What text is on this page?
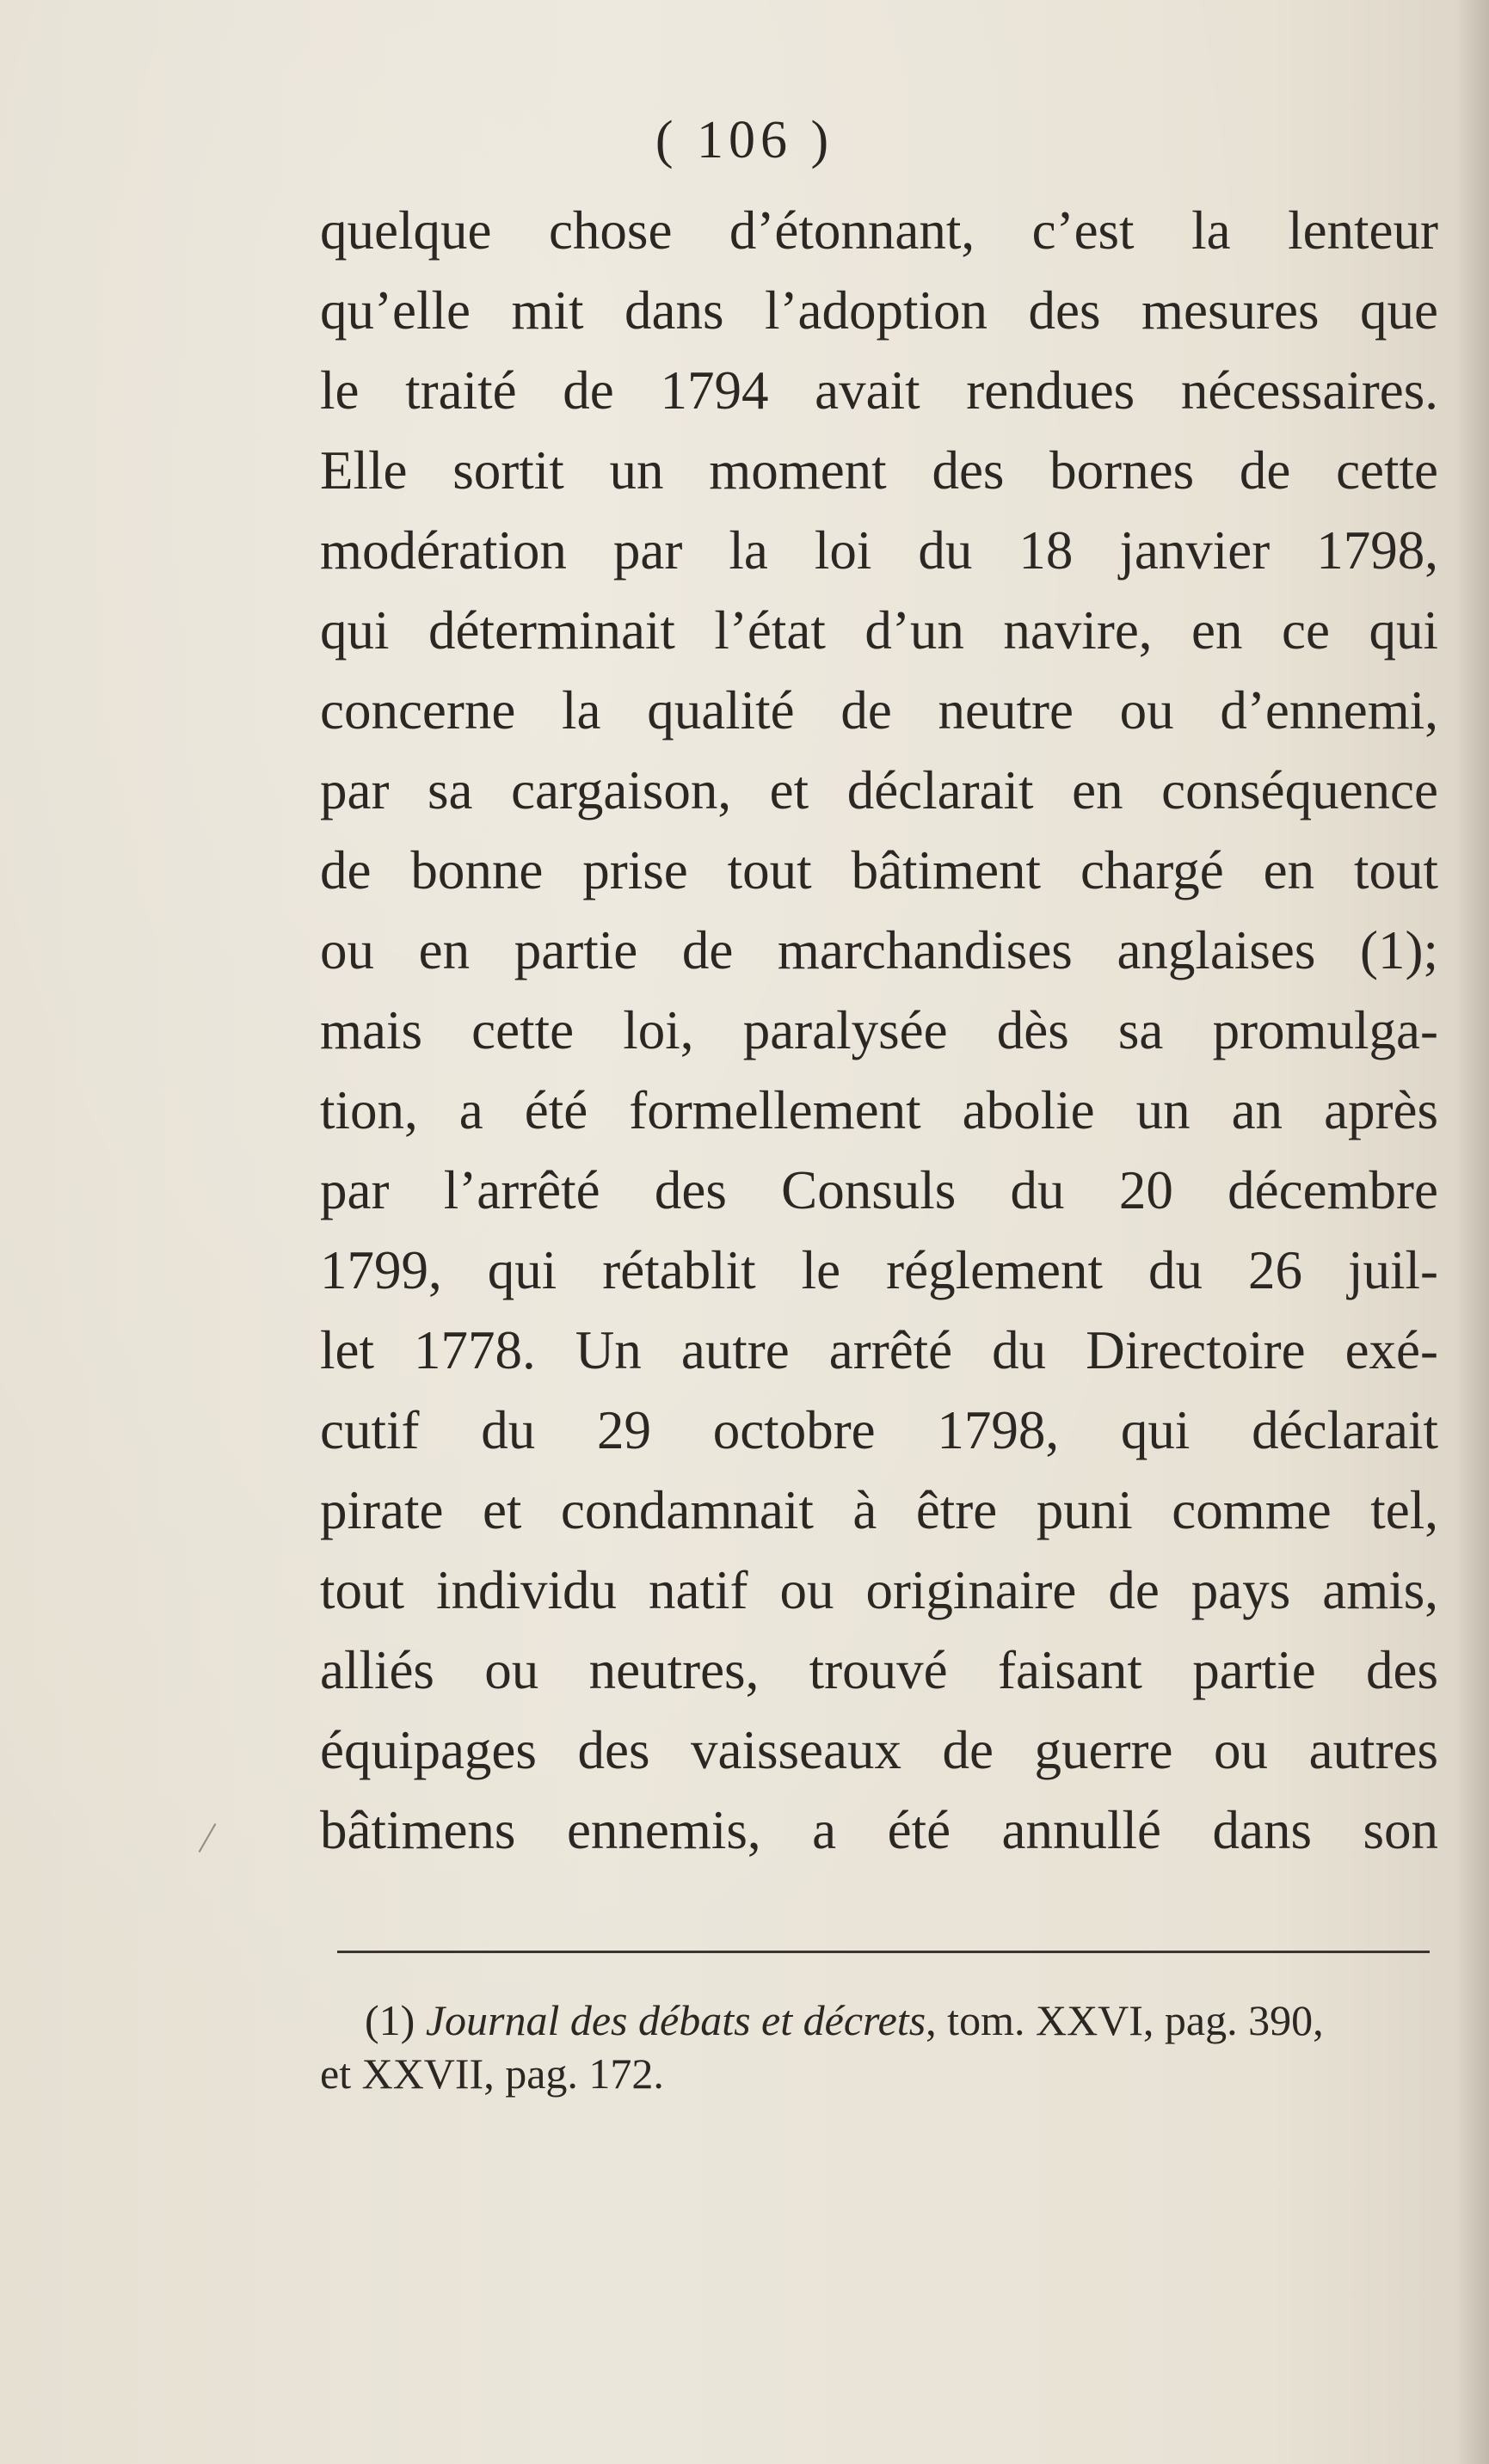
( 106 )
quelque chose d’étonnant, c’est la lenteur
qu’elle mit dans l’adoption des mesures que
le traité de 1794 avait rendues nécessaires.
Elle sortit un moment des bornes de cette
modération par la loi du 18 janvier 1798,
qui déterminait l’état d’un navire, en ce qui
concerne la qualité de neutre ou d’ennemi,
par sa cargaison, et déclarait en conséquence
de bonne prise tout bâtiment chargé en tout
ou en partie de marchandises anglaises (1);
mais cette loi, paralysée dès sa promulga-
tion, a été formellement abolie un an après
par l’arrêté des Consuls du 20 décembre
1799, qui rétablit le réglement du 26 juil-
let 1778. Un autre arrêté du Directoire exé-
cutif du 29 octobre 1798, qui déclarait
pirate et condamnait à être puni comme tel,
tout individu natif ou originaire de pays amis,
alliés ou neutres, trouvé faisant partie des
équipages des vaisseaux de guerre ou autres
bâtimens ennemis, a été annullé dans son
(1) Journal des débats et décrets, tom. XXVI, pag. 390,
et XXVII, pag. 172.
